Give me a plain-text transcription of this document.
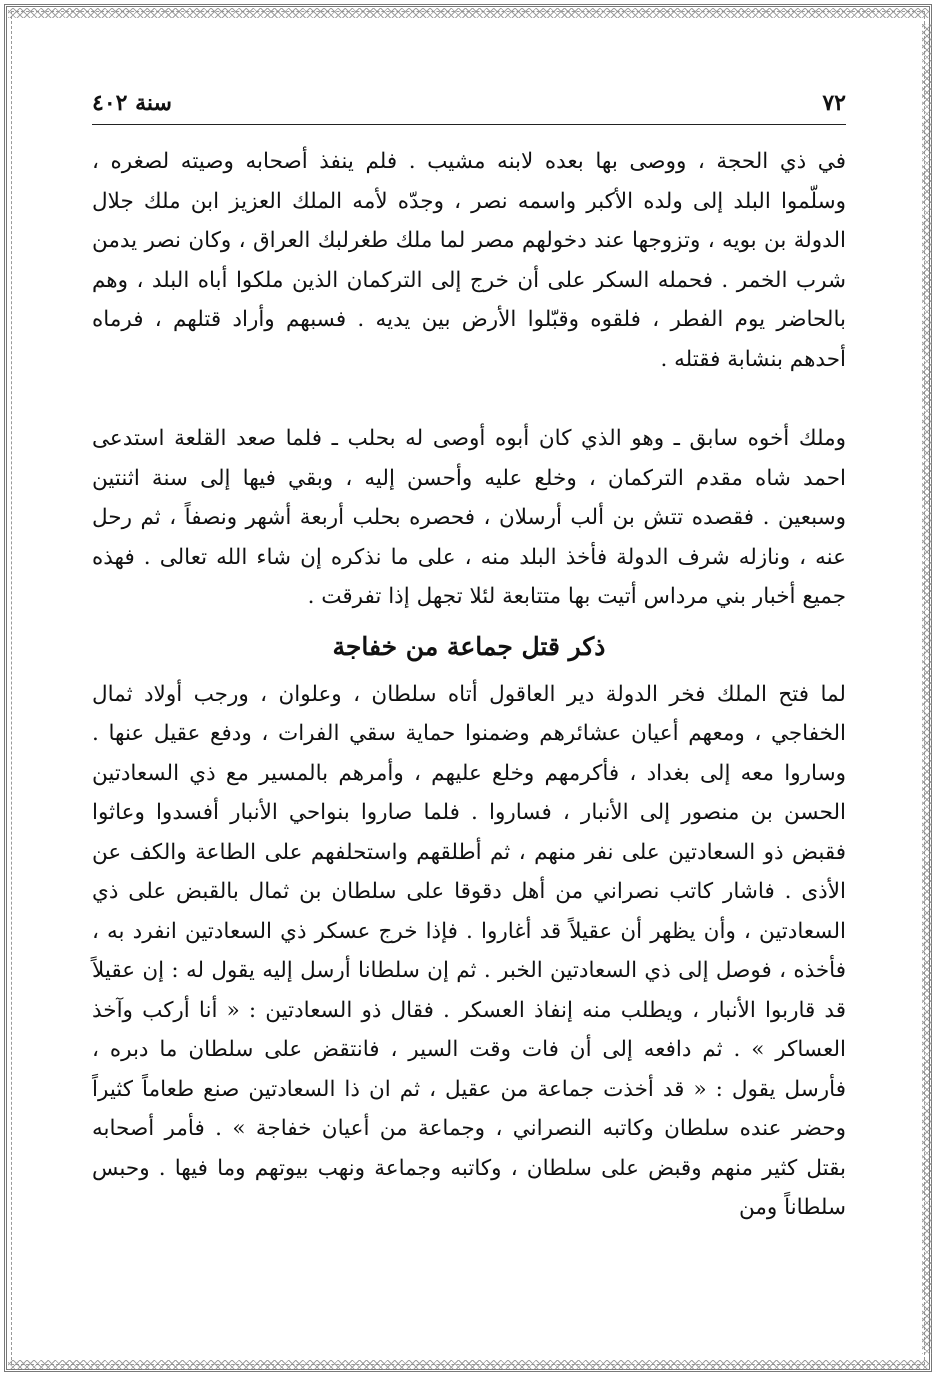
٧٢
سنة ٤٠٢

في ذي الحجة ، ووصى بها بعده لابنه مشيب . فلم ينفذ أصحابه وصيته لصغره ، وسلّموا البلد إلى ولده الأكبر واسمه نصر ، وجدّه لأمه الملك العزيز ابن ملك جلال الدولة بن بويه ، وتزوجها عند دخولهم مصر لما ملك طغرلبك العراق ، وكان نصر يدمن شرب الخمر . فحمله السكر على أن خرج إلى التركمان الذين ملكوا أباه البلد ، وهم بالحاضر يوم الفطر ، فلقوه وقبّلوا الأرض بين يديه . فسبهم وأراد قتلهم ، فرماه أحدهم بنشابة فقتله .

وملك أخوه سابق ـ وهو الذي كان أبوه أوصى له بحلب ـ فلما صعد القلعة استدعى احمد شاه مقدم التركمان ، وخلع عليه وأحسن إليه ، وبقي فيها إلى سنة اثنتين وسبعين . فقصده تتش بن ألب أرسلان ، فحصره بحلب أربعة أشهر ونصفاً ، ثم رحل عنه ، ونازله شرف الدولة فأخذ البلد منه ، على ما نذكره إن شاء الله تعالى . فهذه جميع أخبار بني مرداس أتيت بها متتابعة لئلا تجهل إذا تفرقت .

ذكر قتل جماعة من خفاجة

لما فتح الملك فخر الدولة دير العاقول أتاه سلطان ، وعلوان ، ورجب أولاد ثمال الخفاجي ، ومعهم أعيان عشائرهم وضمنوا حماية سقي الفرات ، ودفع عقيل عنها . وساروا معه إلى بغداد ، فأكرمهم وخلع عليهم ، وأمرهم بالمسير مع ذي السعادتين الحسن بن منصور إلى الأنبار ، فساروا . فلما صاروا بنواحي الأنبار أفسدوا وعاثوا فقبض ذو السعادتين على نفر منهم ، ثم أطلقهم واستحلفهم على الطاعة والكف عن الأذى . فاشار كاتب نصراني من أهل دقوقا على سلطان بن ثمال بالقبض على ذي السعادتين ، وأن يظهر أن عقيلاً قد أغاروا . فإذا خرج عسكر ذي السعادتين انفرد به ، فأخذه ، فوصل إلى ذي السعادتين الخبر . ثم إن سلطانا أرسل إليه يقول له : إن عقيلاً قد قاربوا الأنبار ، ويطلب منه إنفاذ العسكر . فقال ذو السعادتين : « أنا أركب وآخذ العساكر » . ثم دافعه إلى أن فات وقت السير ، فانتقض على سلطان ما دبره ، فأرسل يقول : « قد أخذت جماعة من عقيل ، ثم ان ذا السعادتين صنع طعاماً كثيراً وحضر عنده سلطان وكاتبه النصراني ، وجماعة من أعيان خفاجة » . فأمر أصحابه بقتل كثير منهم وقبض على سلطان ، وكاتبه وجماعة ونهب بيوتهم وما فيها . وحبس سلطاناً ومن
